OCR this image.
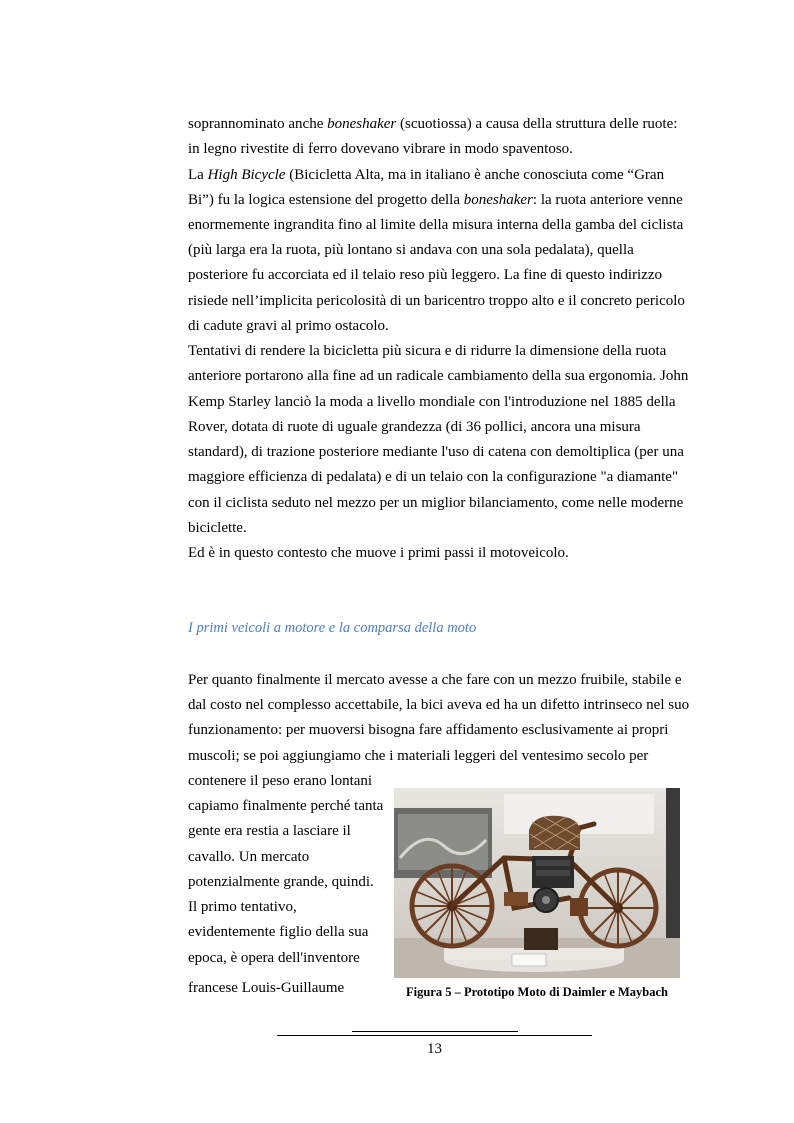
soprannominato anche boneshaker (scuotiossa) a causa della struttura delle ruote:
in legno rivestite di ferro dovevano vibrare in modo spaventoso.
La High Bicycle (Bicicletta Alta, ma in italiano è anche conosciuta come “Gran
Bi”) fu la logica estensione del progetto della boneshaker: la ruota anteriore venne
enormemente ingrandita fino al limite della misura interna della gamba del ciclista
(più larga era la ruota, più lontano si andava con una sola pedalata), quella
posteriore fu accorciata ed il telaio reso più leggero. La fine di questo indirizzo
risiede nell’implicita pericolosità di un baricentro troppo alto e il concreto pericolo
di cadute gravi al primo ostacolo.
Tentativi di rendere la bicicletta più sicura e di ridurre la dimensione della ruota
anteriore portarono alla fine ad un radicale cambiamento della sua ergonomia. John
Kemp Starley lanciò la moda a livello mondiale con l'introduzione nel 1885 della
Rover, dotata di ruote di uguale grandezza (di 36 pollici, ancora una misura
standard), di trazione posteriore mediante l'uso di catena con demoltiplica (per una
maggiore efficienza di pedalata) e di un telaio con la configurazione "a diamante"
con il ciclista seduto nel mezzo per un miglior bilanciamento, come nelle moderne
biciclette.
Ed è in questo contesto che muove i primi passi il motoveicolo.
I primi veicoli a motore e la comparsa della moto
Per quanto finalmente il mercato avesse a che fare con un mezzo fruibile, stabile e
dal costo nel complesso accettabile, la bici aveva ed ha un difetto intrinseco nel suo
funzionamento: per muoversi bisogna fare affidamento esclusivamente ai propri
muscoli; se poi aggiungiamo che i materiali leggeri del ventesimo secolo per
contenere il peso erano lontani
capiamo finalmente perché tanta
gente era restia a lasciare il
cavallo. Un mercato
potenzialmente grande, quindi.
Il primo tentativo,
evidentemente figlio della sua
epoca, è opera dell'inventore
francese Louis-Guillaume	Figura 5 – Prototipo Moto di Daimler e Maybach
13
